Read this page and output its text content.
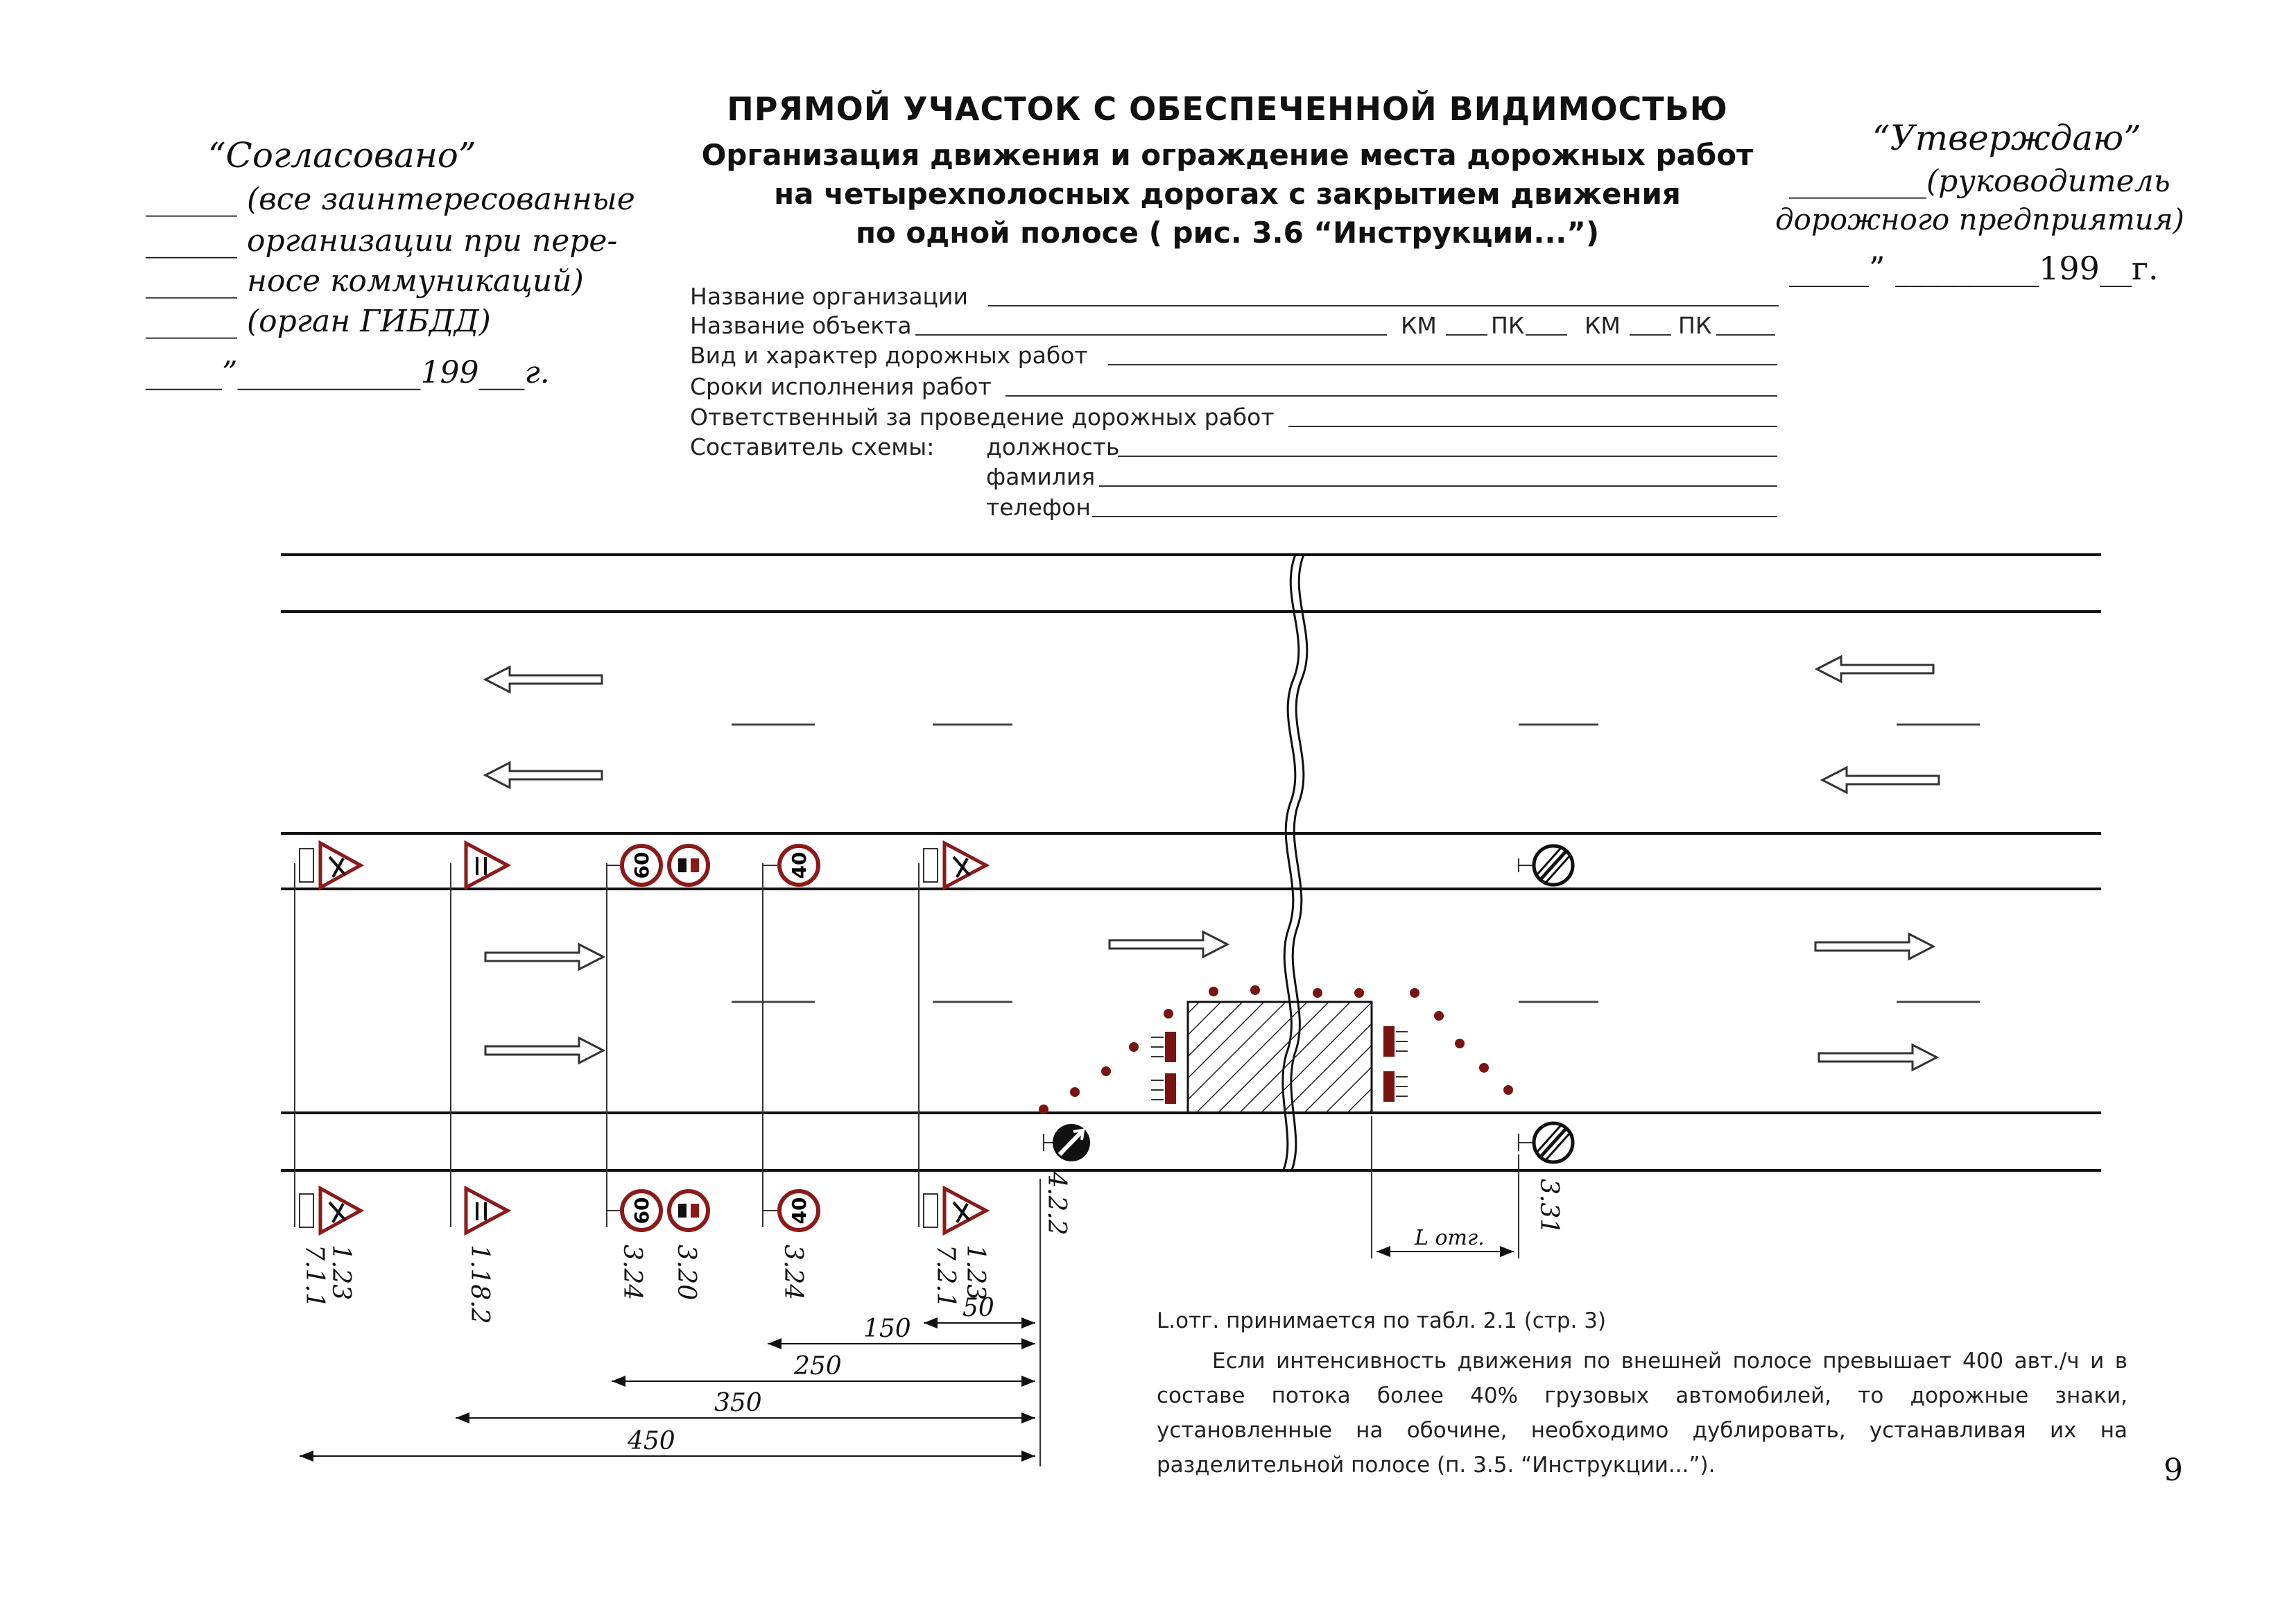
ПРЯМОЙ УЧАСТОК С ОБЕСПЕЧЕННОЙ ВИДИМОСТЬЮ
Организация движения и ограждение места дорожных работ
на четырехполосных дорогах с закрытием движения
по одной полосе ( рис. 3.6 “Инструкции...”)
“Согласовано”
______ (все заинтересованные
______ организации при пере-
______ носе коммуникаций)
______ (орган ГИБДД)
_____”____________199___г.
“Утверждаю”
_________(руководитель
дорожного предприятия)
_____” _________199__г.
Название организации
Название объекта	КМ ПК	КМ	ПК
Вид и характер дорожных работ
Сроки исполнения работ
Ответственный за проведение дорожных работ
Составитель схемы: должность
фамилия
телефон
60	40
60	40
1.23
7.1.1	1.18.2	3.24 3.20	3.24	1.23
7.2.1
4.2.2	3.31
L отг.
50
150
250
350
450
L.отг. принимается по табл. 2.1 (стр. 3)
Если интенсивность движения по внешней полосе превышает 400 авт./ч и в составе потока более 40% грузовых автомобилей, то дорожные знаки, установленные на обочине, необходимо дублировать, устанавливая их на разделительной полосе (п. 3.5. “Инструкции...”).	9
